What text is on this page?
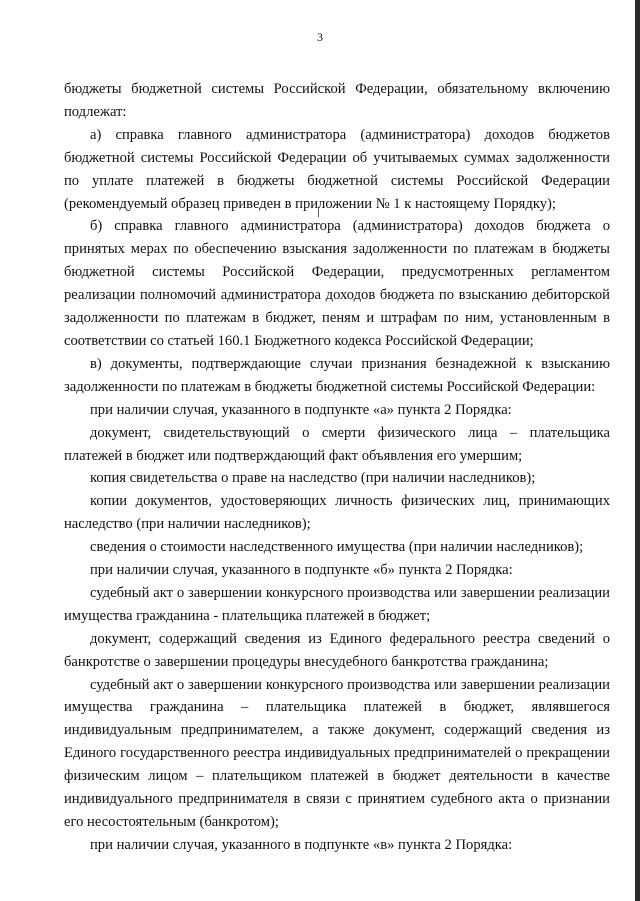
3

бюджеты бюджетной системы Российской Федерации, обязательному включению подлежат:

а) справка главного администратора (администратора) доходов бюджетов бюджетной системы Российской Федерации об учитываемых суммах задолженности по уплате платежей в бюджеты бюджетной системы Российской Федерации (рекомендуемый образец приведен в приложении № 1 к настоящему Порядку);

б) справка главного администратора (администратора) доходов бюджета о принятых мерах по обеспечению взыскания задолженности по платежам в бюджеты бюджетной системы Российской Федерации, предусмотренных регламентом реализации полномочий администратора доходов бюджета по взысканию дебиторской задолженности по платежам в бюджет, пеням и штрафам по ним, установленным в соответствии со статьей 160.1 Бюджетного кодекса Российской Федерации;

в) документы, подтверждающие случаи признания безнадежной к взысканию задолженности по платежам в бюджеты бюджетной системы Российской Федерации:

при наличии случая, указанного в подпункте «а» пункта 2 Порядка:

документ, свидетельствующий о смерти физического лица – плательщика платежей в бюджет или подтверждающий факт объявления его умершим;

копия свидетельства о праве на наследство (при наличии наследников);

копии документов, удостоверяющих личность физических лиц, принимающих наследство (при наличии наследников);

сведения о стоимости наследственного имущества (при наличии наследников);

при наличии случая, указанного в подпункте «б» пункта 2 Порядка:

судебный акт о завершении конкурсного производства или завершении реализации имущества гражданина - плательщика платежей в бюджет;

документ, содержащий сведения из Единого федерального реестра сведений о банкротстве о завершении процедуры внесудебного банкротства гражданина;

судебный акт о завершении конкурсного производства или завершении реализации имущества гражданина – плательщика платежей в бюджет, являвшегося индивидуальным предпринимателем, а также документ, содержащий сведения из Единого государственного реестра индивидуальных предпринимателей о прекращении физическим лицом – плательщиком платежей в бюджет деятельности в качестве индивидуального предпринимателя в связи с принятием судебного акта о признании его несостоятельным (банкротом);

при наличии случая, указанного в подпункте «в» пункта 2 Порядка:
